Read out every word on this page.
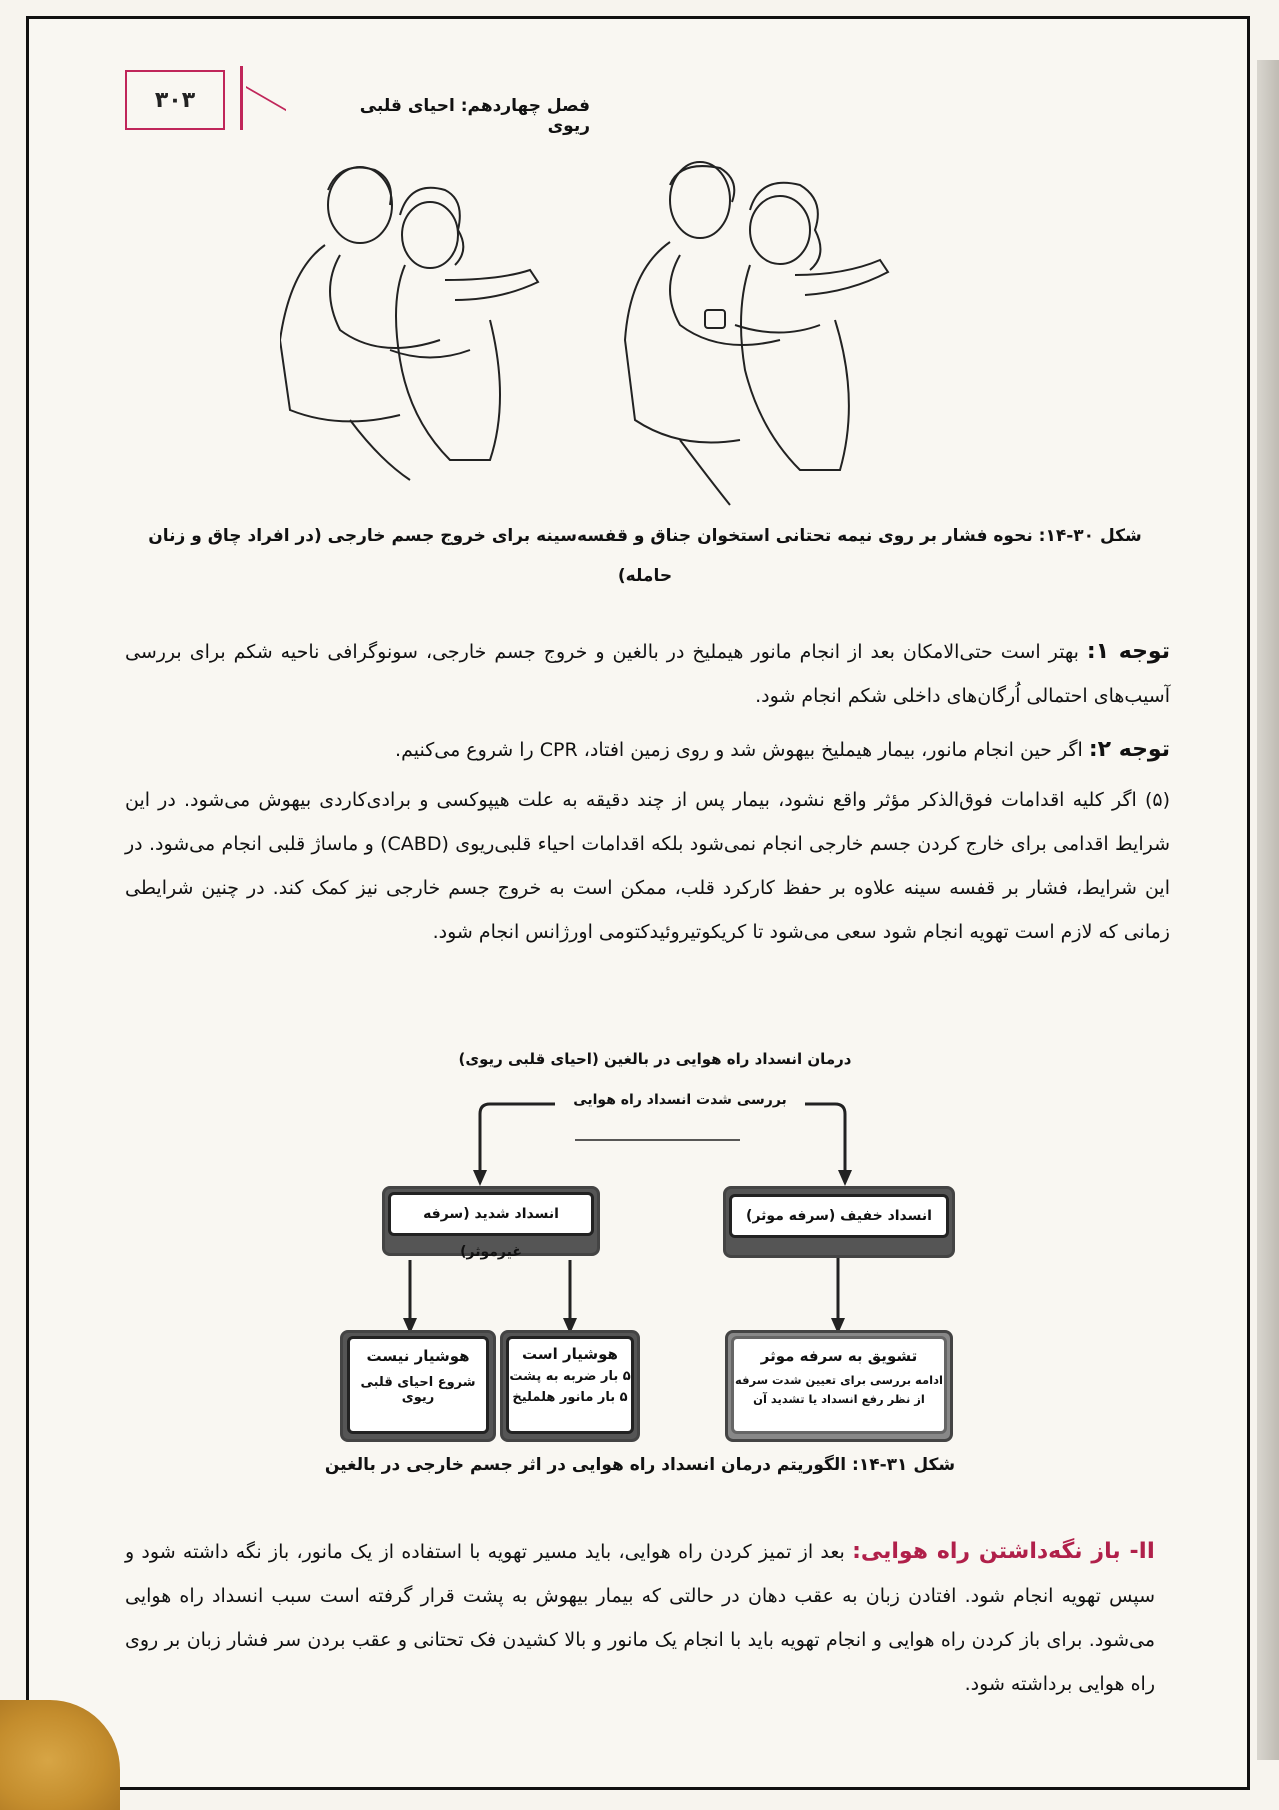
۳۰۳	فصل چهاردهم: احیای قلبی ریوی
شکل ۳۰-۱۴: نحوه فشار بر روی نیمه تحتانی استخوان جناق و قفسه‌سینه برای خروج جسم خارجی (در افراد چاق و زنان
حامله)
توجه ۱: بهتر است حتی‌الامکان بعد از انجام مانور هیملیخ در بالغین و خروج جسم خارجی، سونوگرافی ناحیه شکم برای بررسی آسیب‌های احتمالی اُرگان‌های داخلی شکم انجام شود.
توجه ۲: اگر حین انجام مانور، بیمار هیملیخ بیهوش شد و روی زمین افتاد، CPR را شروع می‌کنیم.
(۵) اگر کلیه اقدامات فوق‌الذکر مؤثر واقع نشود، بیمار پس از چند دقیقه به علت هیپوکسی و برادی‌کاردی بیهوش می‌شود. در این شرایط اقدامی برای خارج کردن جسم خارجی انجام نمی‌شود بلکه اقدامات احیاء قلبی‌ریوی (CABD) و ماساژ قلبی انجام می‌شود. در این شرایط، فشار بر قفسه سینه علاوه بر حفظ کارکرد قلب، ممکن است به خروج جسم خارجی نیز کمک کند. در چنین شرایطی زمانی که لازم است تهویه انجام شود سعی می‌شود تا کریکوتیروئیدکتومی اورژانس انجام شود.
درمان انسداد راه هوایی در بالغین (احیای قلبی ریوی)
بررسی شدت انسداد راه هوایی
انسداد شدید (سرفه غیرموثر)
انسداد خفیف (سرفه موثر)
هوشیار نیست
شروع احیای قلبی ریوی
هوشیار است
۵ بار ضربه به پشت
۵ بار مانور هلملیخ
تشویق به سرفه موثر
ادامه بررسی برای تعیین شدت سرفه
از نظر رفع انسداد یا تشدید آن
شکل ۳۱-۱۴: الگوریتم درمان انسداد راه هوایی در اثر جسم خارجی در بالغین
II- باز نگه‌داشتن راه هوایی: بعد از تمیز کردن راه هوایی، باید مسیر تهویه با استفاده از یک مانور، باز نگه داشته شود و سپس تهویه انجام شود. افتادن زبان به عقب دهان در حالتی که بیمار بیهوش به پشت قرار گرفته است سبب انسداد راه هوایی می‌شود. برای باز کردن راه هوایی و انجام تهویه باید با انجام یک مانور و بالا کشیدن فک تحتانی و عقب بردن سر فشار زبان بر روی راه هوایی برداشته شود.
